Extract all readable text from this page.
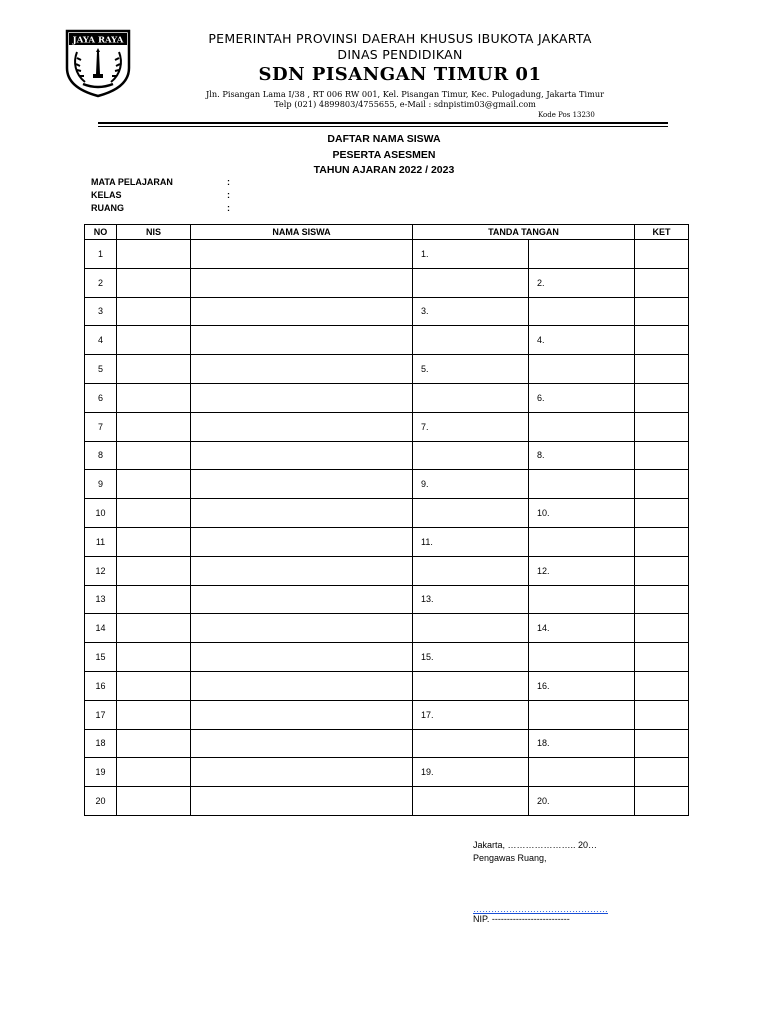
JAYA RAYA	PEMERINTAH PROVINSI DAERAH KHUSUS IBUKOTA JAKARTA
DINAS PENDIDIKAN
SDN PISANGAN TIMUR 01
Jln. Pisangan Lama I/38 , RT 006 RW 001, Kel. Pisangan Timur, Kec. Pulogadung, Jakarta Timur
Telp (021) 4899803/4755655, e-Mail : sdnpistim03@gmail.com
Kode Pos 13230
DAFTAR NAMA SISWA
PESERTA ASESMEN
TAHUN AJARAN 2022 / 2023
MATA PELAJARAN	:
KELAS	:
RUANG	:
NO	NIS	NAMA SISWA	TANDA TANGAN		KET
1			1.		
2				2.	
3			3.		
4				4.	
5			5.		
6				6.	
7			7.		
8				8.	
9			9.		
10				10.	
11			11.		
12				12.	
13			13.		
14				14.	
15			15.		
16				16.	
17			17.		
18				18.	
19			19.		
20				20.	
Jakarta, ………………….. 20…
Pengawas Ruang,
………………………………………
NIP. --------------------------
